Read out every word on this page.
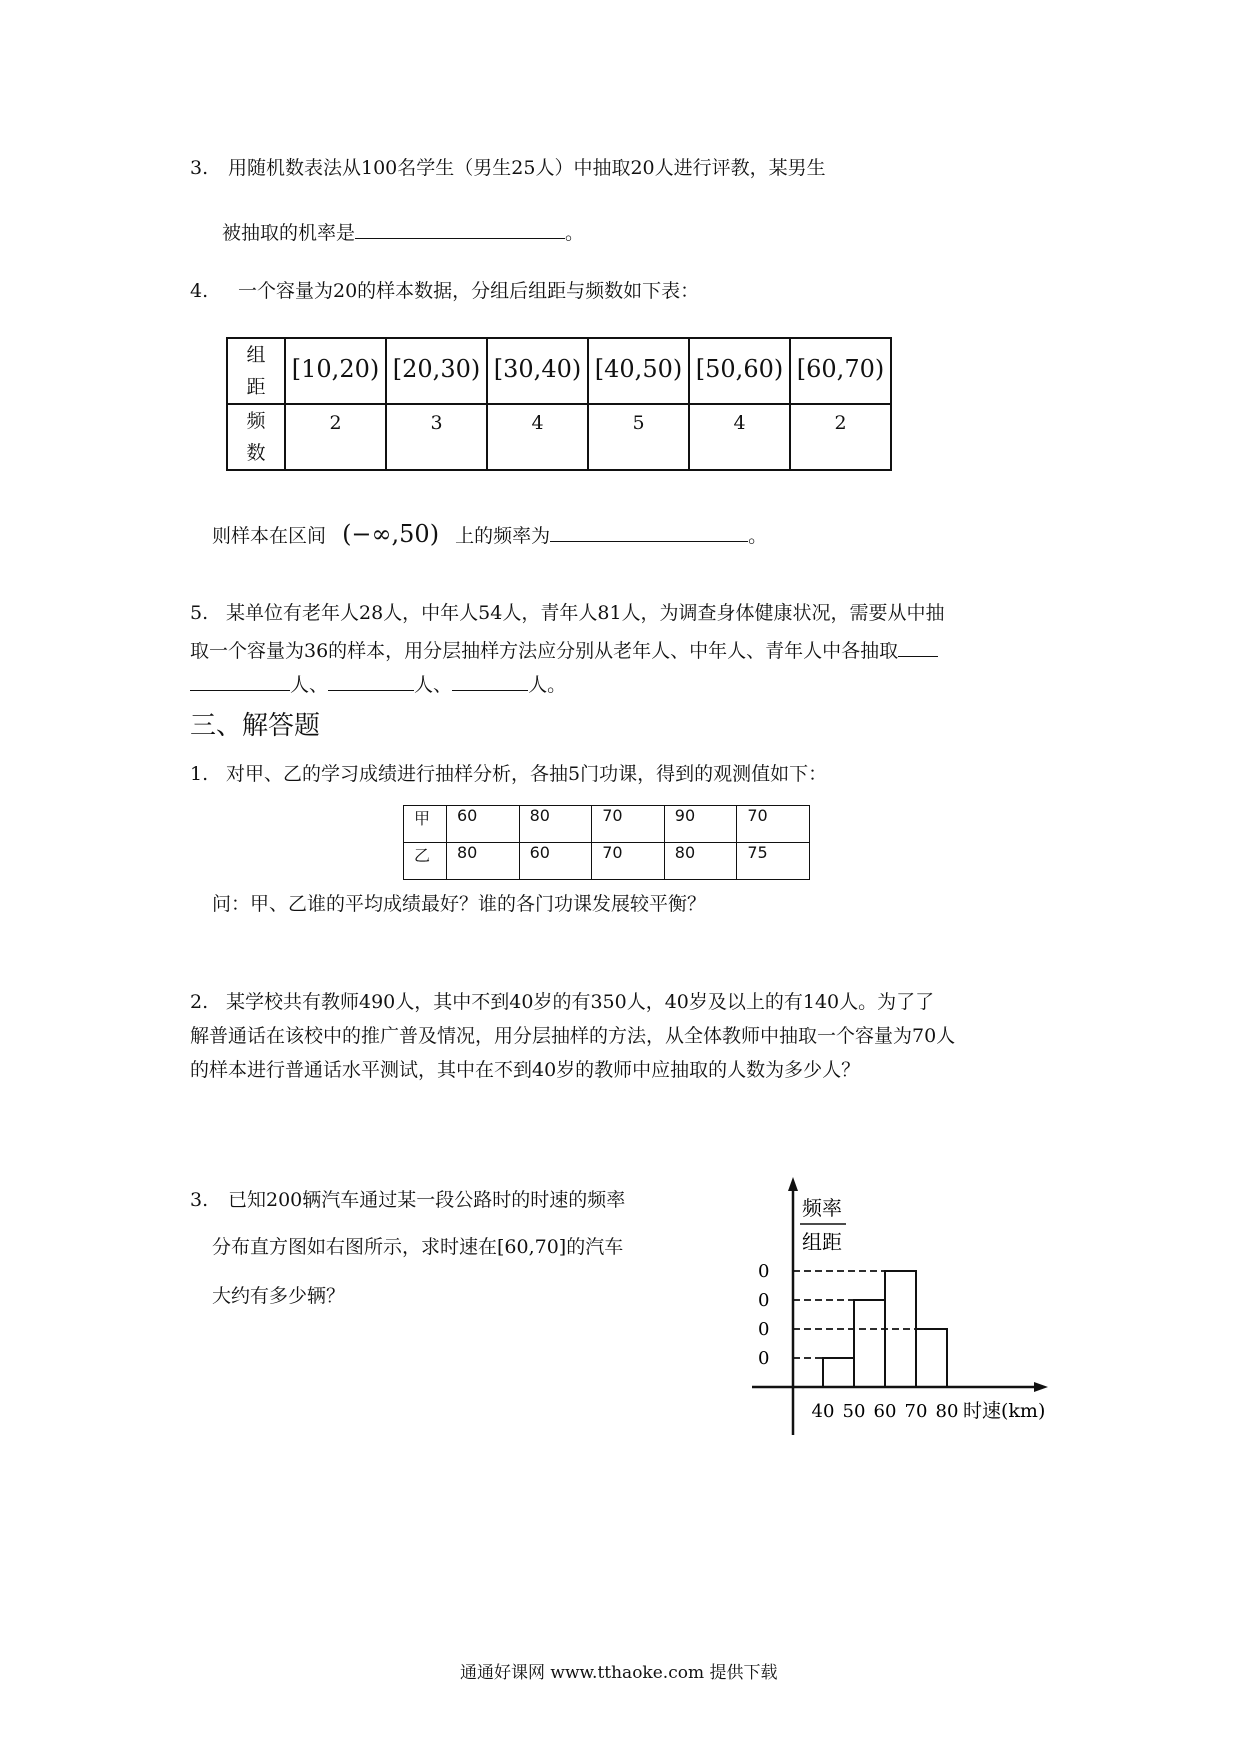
3. 用随机数表法从100名学生（男生25人）中抽取20人进行评教，某男生
被抽取的机率是	。
4. 一个容量为20的样本数据，分组后组距与频数如下表：
组
距	[10,20)	[20,30)	[30,40)	[40,50)	[50,60)	[60,70)

频
数	2	3	4	5	4	2
则样本在区间 (−∞,50) 上的频率为	。
5. 某单位有老年人28人，中年人54人，青年人81人，为调查身体健康状况，需要从中抽
取一个容量为36的样本，用分层抽样方法应分别从老年人、中年人、青年人中各抽取
人、	人、	人。
三、解答题
1. 对甲、乙的学习成绩进行抽样分析，各抽5门功课，得到的观测值如下：
甲	60	80	70	90	70
乙	80	60	70	80	75
问：甲、乙谁的平均成绩最好？谁的各门功课发展较平衡？
2. 某学校共有教师490人，其中不到40岁的有350人，40岁及以上的有140人。为了了
解普通话在该校中的推广普及情况，用分层抽样的方法，从全体教师中抽取一个容量为70人
的样本进行普通话水平测试，其中在不到40岁的教师中应抽取的人数为多少人？
3. 已知200辆汽车通过某一段公路时的时速的频率
分布直方图如右图所示，求时速在[60,70]的汽车
大约有多少辆？
频率
组距
0
0
0
0
40 50 60 70 80 时速(km)
通通好课网 www.tthaoke.com 提供下载
